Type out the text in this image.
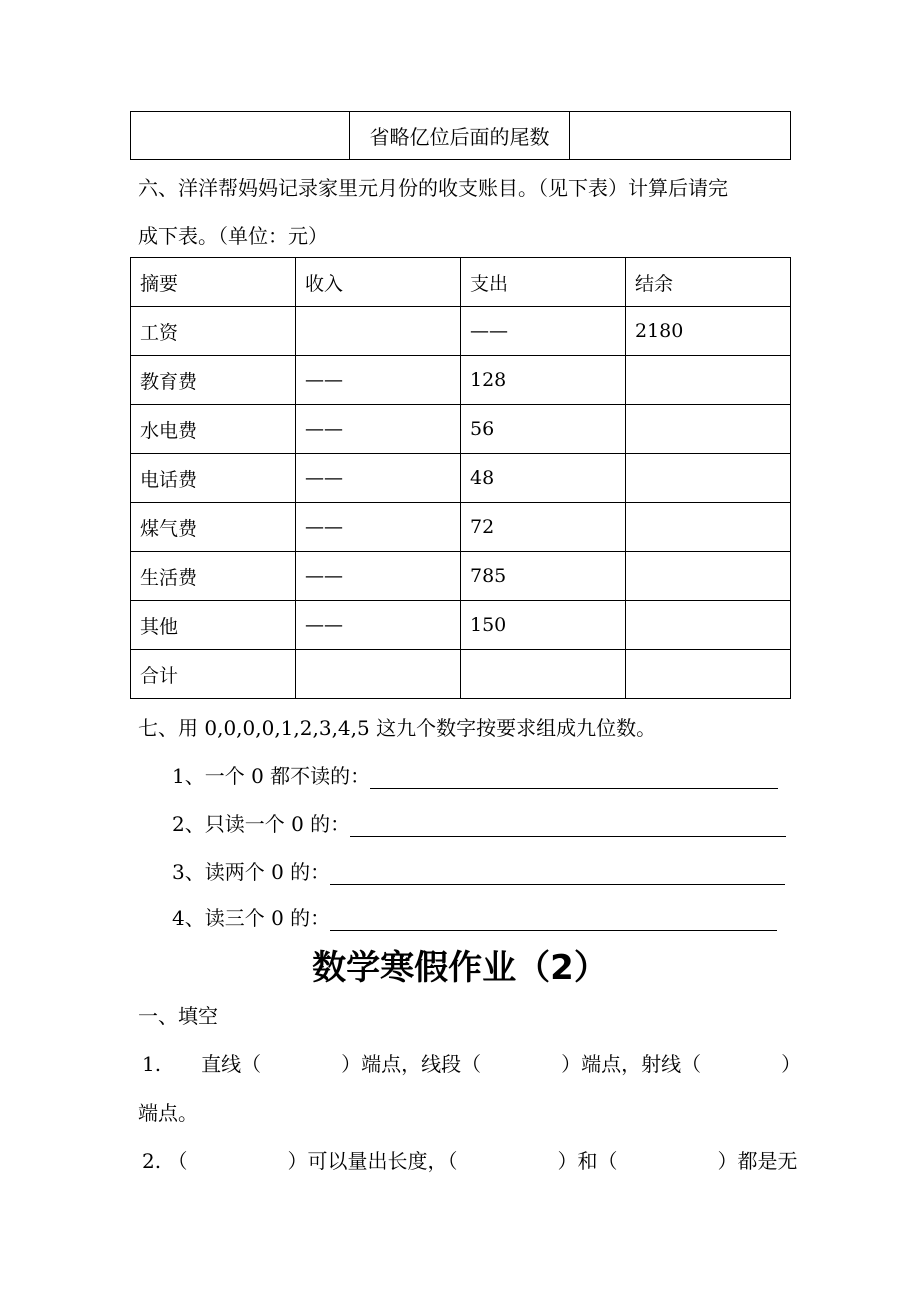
	省略亿位后面的尾数	
六、洋洋帮妈妈记录家里元月份的收支账目。（见下表）计算后请完
成下表。（单位：元）
摘要	收入	支出	结余
工资		——	2180
教育费	——	128	
水电费	——	56	
电话费	——	48	
煤气费	——	72	
生活费	——	785	
其他	——	150	
合计			
七、用 0,0,0,0,1,2,3,4,5 这九个数字按要求组成九位数。
1、一个 0 都不读的：
2、只读一个 0 的：
3、读两个 0 的：
4、读三个 0 的：
数学寒假作业（2）
一、填空
1.　　直线（　　　　）端点，线段（　　　　）端点，射线（　　　　）
端点。
2. （　　　　　）可以量出长度，（　　　　　）和（　　　　　）都是无
